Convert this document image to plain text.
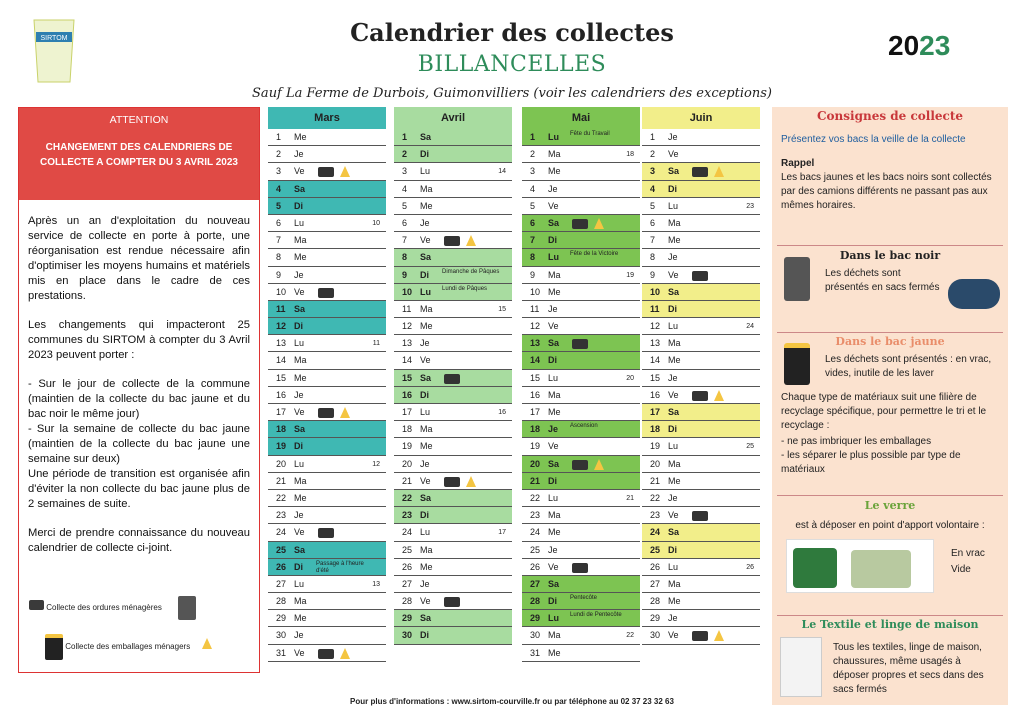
SIRTOM	Calendrier des collectes
BILLANCELLES
2023
Sauf La Ferme de Durbois, Guimonvilliers (voir les calendriers des exceptions)
ATTENTION
CHANGEMENT DES CALENDRIERS DE COLLECTE A COMPTER DU 3 AVRIL 2023
Après un an d'exploitation du nouveau service de collecte en porte à porte, une réorganisation est rendue nécessaire afin d'optimiser les moyens humains et matériels mis en place dans le cadre de ces prestations.
Les changements qui impacteront 25 communes du SIRTOM à compter du 3 Avril 2023 peuvent porter :
- Sur le jour de collecte de la commune (maintien de la collecte du bac jaune et du bac noir le même jour)
- Sur la semaine de collecte du bac jaune (maintien de la collecte du bac jaune une semaine sur deux)
Une période de transition est organisée afin d'éviter la non collecte du bac jaune plus de 2 semaines de suite.
Merci de prendre connaissance du nouveau calendrier de collecte ci-joint.
Collecte des ordures ménagères
Collecte des emballages ménagers
Mars
1	Me
2	Je
3	Ve
4	Sa
5	Di
6	Lu	10
7	Ma
8	Me
9	Je
10 Ve
11 Sa
12 Di
13 Lu	11
14 Ma
15 Me
16 Je
17 Ve
18 Sa
19 Di
20 Lu	12
21 Ma
22 Me
23 Je
24 Ve
25 Sa
26 Di Passage à l'heure d'été
27 Lu	13
28 Ma
29 Me
30 Je
31 Ve
Avril
1	Sa
2	Di
3	Lu	14
4	Ma
5	Me
6	Je
7	Ve
8	Sa
9	Di Dimanche de Pâques
10 Lu Lundi de Pâques
11 Ma	15
12 Me
13 Je
14 Ve
15 Sa
16 Di
17 Lu	16
18 Ma
19 Me
20 Je
21 Ve
22 Sa
23 Di
24 Lu	17
25 Ma
26 Me
27 Je
28 Ve
29 Sa
30 Di
Mai
1	Lu Fête du Travail
2	Ma	18
3	Me
4	Je
5	Ve
6	Sa
7	Di
8	Lu Fête de la Victoire
9	Ma	19
10 Me
11 Je
12 Ve
13 Sa
14 Di
15 Lu	20
16 Ma
17 Me
18 Je Ascension
19 Ve
20 Sa
21 Di
22 Lu	21
23 Ma
24 Me
25 Je
26 Ve
27 Sa
28 Di Pentecôte
29 Lu Lundi de Pentecôte
30 Ma	22
31 Me
Juin
1	Je
2	Ve
3	Sa
4	Di
5	Lu	23
6	Ma
7	Me
8	Je
9	Ve
10 Sa
11 Di
12 Lu	24
13 Ma
14 Me
15 Je
16 Ve
17 Sa
18 Di
19 Lu	25
20 Ma
21 Me
22 Je
23 Ve
24 Sa
25 Di
26 Lu	26
27 Ma
28 Me
29 Je
30 Ve
Consignes de collecte
Présentez vos bacs la veille de la collecte
Rappel
Les bacs jaunes et les bacs noirs sont collectés par des camions différents ne passant pas aux mêmes horaires.
Dans le bac noir
Les déchets sont présentés en sacs fermés
Dans le bac jaune
Les déchets sont présentés : en vrac, vides, inutile de les laver
Chaque type de matériaux suit une filière de recyclage spécifique, pour permettre le tri et le recyclage :
- ne pas imbriquer les emballages
- les séparer le plus possible par type de matériaux
Le verre
est à déposer en point d'apport volontaire :
En vrac
Vide
Le Textile et linge de maison
Tous les textiles, linge de maison, chaussures, même usagés à déposer propres et secs dans des sacs fermés
Pour plus d'informations : www.sirtom-courville.fr ou par téléphone au 02 37 23 32 63
